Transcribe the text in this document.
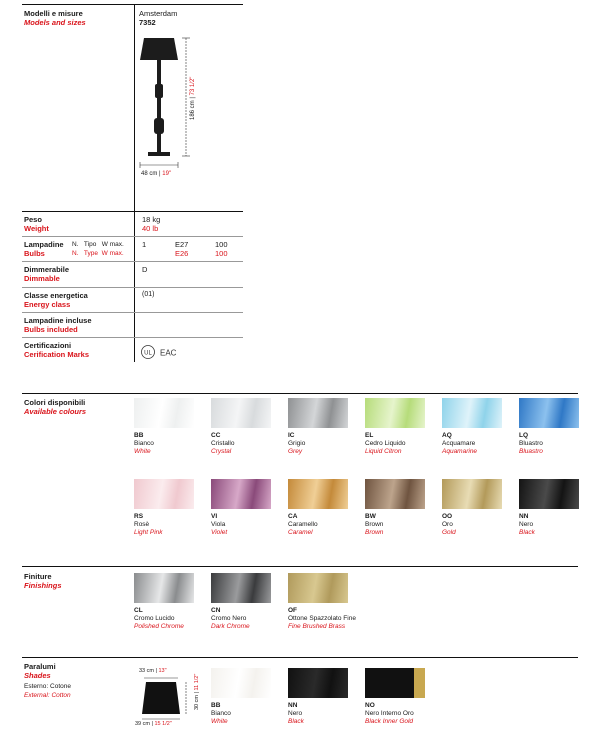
Modelli e misure
Models and sizes
Amsterdam
7352
186 cm | 73 1/2"
48 cm | 19"
Peso
Weight
18 kg
40 lb
Lampadine
Bulbs
N. Tipo W max.
N. Type W max.
1	E27
E26
100
100
Dimmerabile
Dimmable
D
Classe energetica
Energy class
(01)
Lampadine incluse
Bulbs included
Certificazioni
Cerification Marks	UL EAC
Colori disponibili
Available colours
BB
Bianco
White
CC
Cristallo
Crystal
IC
Grigio
Grey
EL
Cedro Liquido
Liquid Citron
AQ
Acquamare
Aquamarine
LQ
Bluastro
Bluastro
RS
Rosè
Light Pink
VI
Viola
Violet
CA
Caramello
Caramel
BW
Brown
Brown
OO
Oro
Gold
NN
Nero
Black
Finiture
Finishings
CL
Cromo Lucido
Polished Chrome
CN
Cromo Nero
Dark Chrome
OF
Ottone Spazzolato Fine
Fine Brushed Brass
Paralumi
Shades
Esterno: Cotone
External: Cotton
33 cm | 13"
30 cm | 11 1/2"
39 cm | 15 1/2"
BB
Bianco
White
NN
Nero
Black
NO
Nero Interno Oro
Black Inner Gold
